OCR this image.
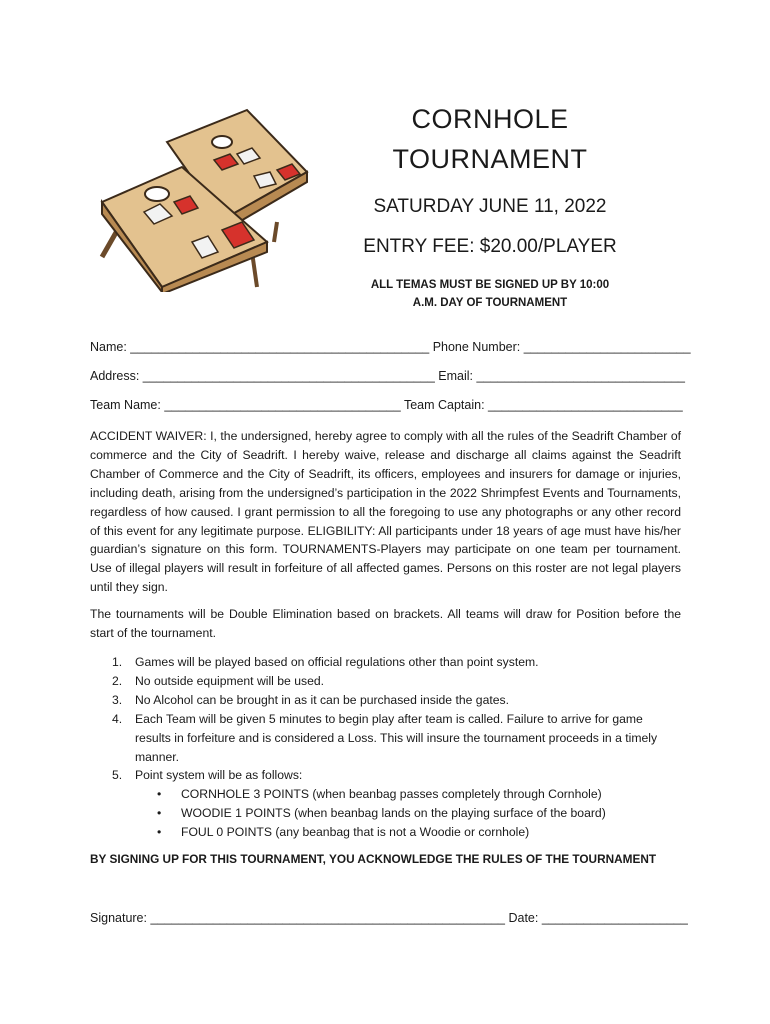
CORNHOLE
TOURNAMENT
SATURDAY JUNE 11, 2022
ENTRY FEE: $20.00/PLAYER
ALL TEMAS MUST BE SIGNED UP BY 10:00
A.M. DAY OF TOURNAMENT
Name: ___________________________________________ Phone Number: ________________________
Address: __________________________________________ Email: ______________________________
Team Name: __________________________________ Team Captain: ____________________________
ACCIDENT WAIVER: I, the undersigned, hereby agree to comply with all the rules of the Seadrift Chamber of commerce and the City of Seadrift. I hereby waive, release and discharge all claims against the Seadrift Chamber of Commerce and the City of Seadrift, its officers, employees and insurers for damage or injuries, including death, arising from the undersigned’s participation in the 2022 Shrimpfest Events and Tournaments, regardless of how caused. I grant permission to all the foregoing to use any photographs or any other record of this event for any legitimate purpose. ELIGBILITY: All participants under 18 years of age must have his/her guardian’s signature on this form. TOURNAMENTS-Players may participate on one team per tournament. Use of illegal players will result in forfeiture of all affected games. Persons on this roster are not legal players until they sign.
The tournaments will be Double Elimination based on brackets. All teams will draw for Position before the start of the tournament.
1. Games will be played based on official regulations other than point system.
2. No outside equipment will be used.
3. No Alcohol can be brought in as it can be purchased inside the gates.
4. Each Team will be given 5 minutes to begin play after team is called. Failure to arrive for game results in forfeiture and is considered a Loss. This will insure the tournament proceeds in a timely manner.
5. Point system will be as follows:
• CORNHOLE 3 POINTS (when beanbag passes completely through Cornhole)
• WOODIE 1 POINTS (when beanbag lands on the playing surface of the board)
• FOUL 0 POINTS (any beanbag that is not a Woodie or cornhole)
BY SIGNING UP FOR THIS TOURNAMENT, YOU ACKNOWLEDGE THE RULES OF THE TOURNAMENT
Signature: ___________________________________________________ Date: _____________________
